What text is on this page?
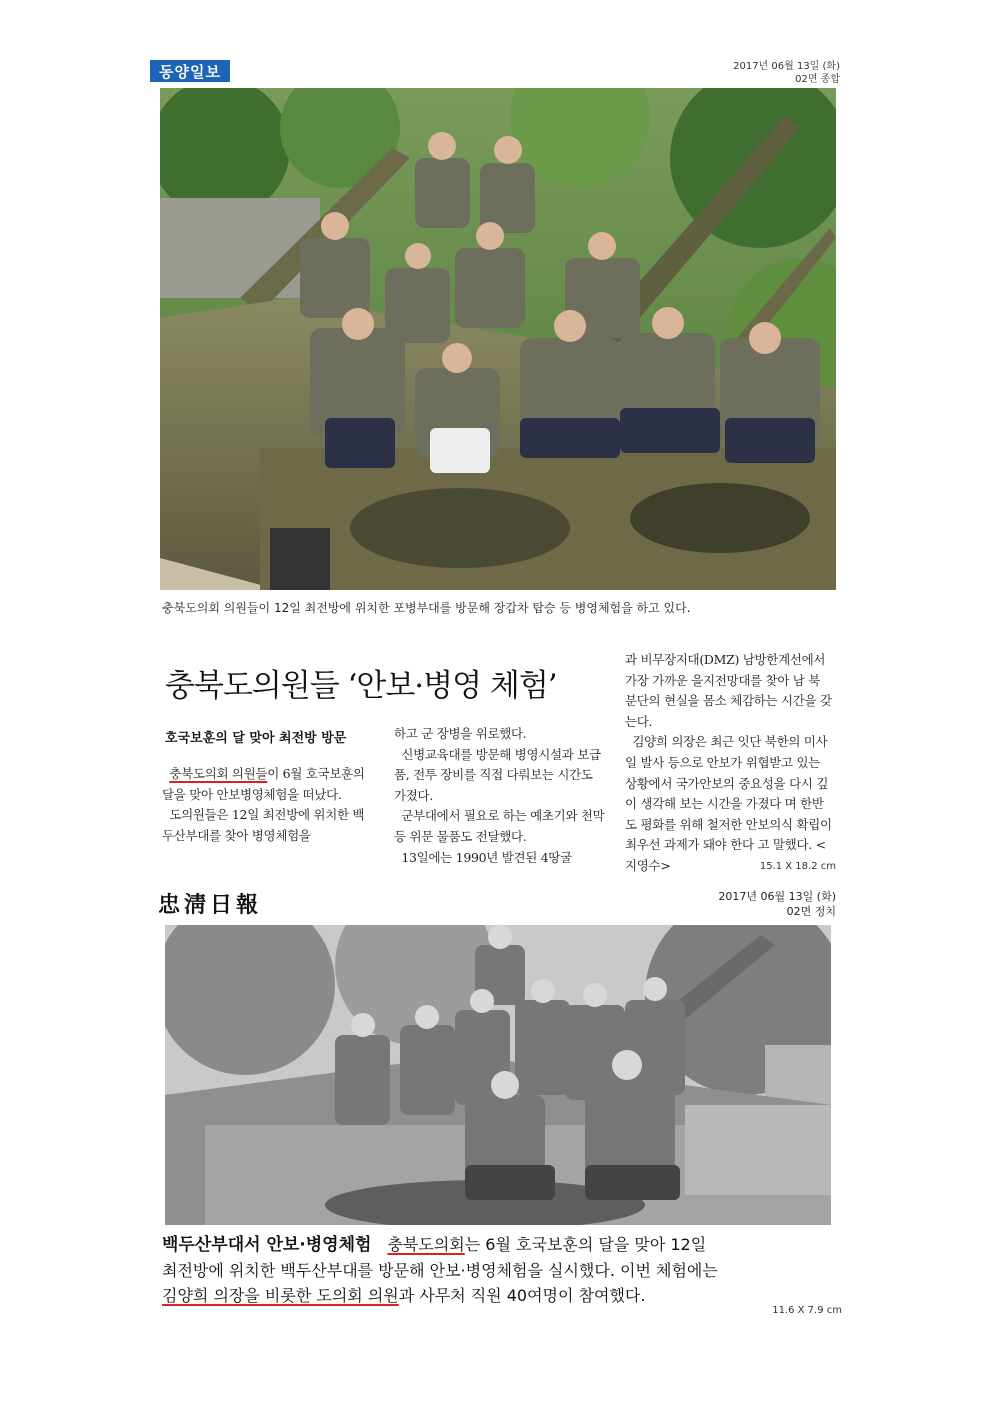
동양일보	2017년 06월 13일 (화)
02면 종합
충북도의회 의원들이 12일 최전방에 위치한 포병부대를 방문해 장갑차 탑승 등 병영체험을 하고 있다.
충북도의원들 ‘안보·병영 체험’
호국보훈의 달 맞아 최전방 방문

충북도의회 의원들이 6월 호국보훈의 달을 맞아 안보병영체험을 떠났다.

도의원들은 12일 최전방에 위치한 백두산부대를 찾아 병영체험을

하고 군 장병을 위로했다.

신병교육대를 방문해 병영시설과 보급품, 전투 장비를 직접 다뤄보는 시간도 가졌다.

군부대에서 필요로 하는 예초기와 천막 등 위문 물품도 전달했다.

13일에는 1990년 발견된 4땅굴

과 비무장지대(DMZ) 남방한계선에서 가장 가까운 을지전망대를 찾아 남 북 분단의 현실을 몸소 체감하는 시간을 갖는다.

김양희 의장은 최근 잇단 북한의 미사일 발사 등으로 안보가 위협받고 있는 상황에서 국가안보의 중요성을 다시 깊이 생각해 보는 시간을 가졌다 며 한반도 평화를 위해 철저한 안보의식 확립이 최우선 과제가 돼야 한다 고 말했다. <지영수>	15.1 X 18.2 cm
忠淸日報	2017년 06월 13일 (화)
02면 정치

백두산부대서 안보·병영체험 충북도의회는 6월 호국보훈의 달을 맞아 12일

최전방에 위치한 백두산부대를 방문해 안보·병영체험을 실시했다. 이번 체험에는

김양희 의장을 비롯한 도의회 의원과 사무처 직원 40여명이 참여했다.

11.6 X 7.9 cm
